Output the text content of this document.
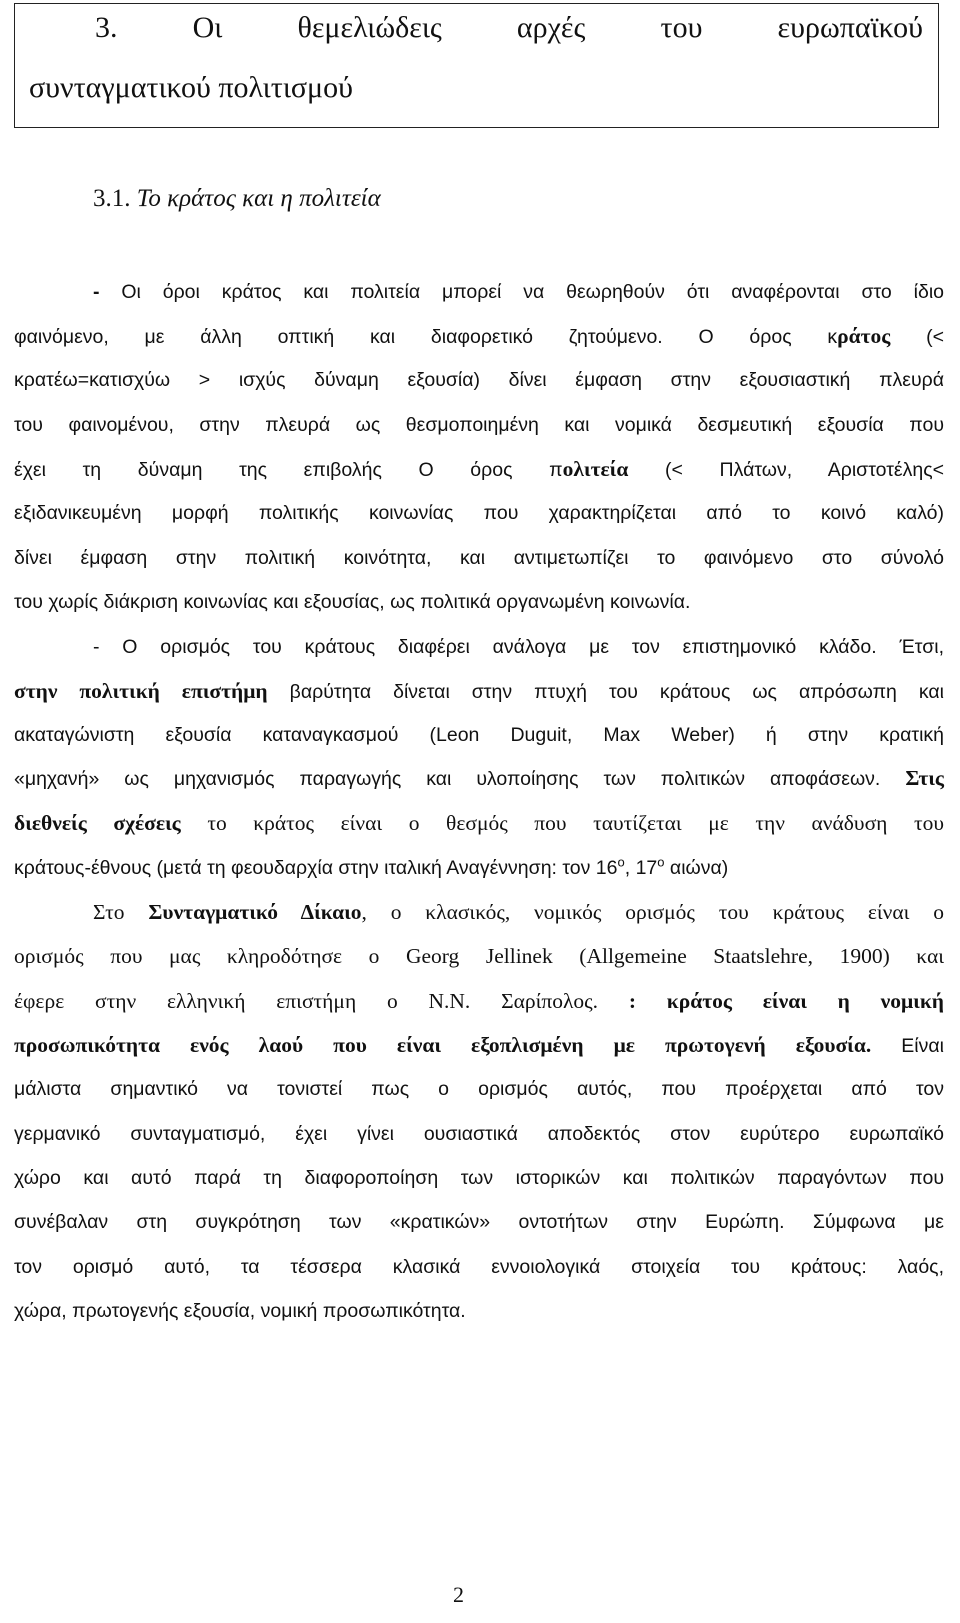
3.	Οι	θεμελιώδεις	αρχές	του	ευρωπαϊκού
συνταγματικού πολιτισμού
3.1. Το κράτος και η πολιτεία
- Οι όροι κράτος και πολιτεία μπορεί να θεωρηθούν ότι αναφέρονται στο ίδιο
φαινόμενο, με άλλη οπτική και διαφορετικό ζητούμενο. Ο όρος κράτος (<
κρατέω=κατισχύω > ισχύς δύναμη εξουσία) δίνει έμφαση στην εξουσιαστική πλευρά
του φαινομένου, στην πλευρά ως θεσμοποιημένη και νομικά δεσμευτική εξουσία που
έχει τη δύναμη της επιβολής Ο όρος πολιτεία (< Πλάτων, Αριστοτέλης<
εξιδανικευμένη μορφή πολιτικής κοινωνίας που χαρακτηρίζεται από το κοινό καλό)
δίνει έμφαση στην πολιτική κοινότητα, και αντιμετωπίζει το φαινόμενο στο σύνολό
του χωρίς διάκριση κοινωνίας και εξουσίας, ως πολιτικά οργανωμένη κοινωνία.
- Ο ορισμός του κράτους διαφέρει ανάλογα με τον επιστημονικό κλάδο. Έτσι,
στην πολιτική επιστήμη βαρύτητα δίνεται στην πτυχή του κράτους ως απρόσωπη και
ακαταγώνιστη εξουσία καταναγκασμού (Leon Duguit, Max Weber) ή στην κρατική
«μηχανή» ως μηχανισμός παραγωγής και υλοποίησης των πολιτικών αποφάσεων. Στις
διεθνείς σχέσεις το κράτος είναι ο θεσμός που ταυτίζεται με την ανάδυση του
κράτους-έθνους (μετά τη φεουδαρχία στην ιταλική Αναγέννηση: τον $16^o$, $17^o$ αιώνα)
Στο Συνταγματικό Δίκαιο, ο κλασικός, νομικός ορισμός του κράτους είναι ο
ορισμός που μας κληροδότησε ο Georg Jellinek (Allgemeine Staatslehre, 1900) και
έφερε στην ελληνική επιστήμη ο Ν.Ν. Σαρίπολος. : κράτος είναι η νομική
προσωπικότητα ενός λαού που είναι εξοπλισμένη με πρωτογενή εξουσία. Είναι
μάλιστα σημαντικό να τονιστεί πως ο ορισμός αυτός, που προέρχεται από τον
γερμανικό συνταγματισμό, έχει γίνει ουσιαστικά αποδεκτός στον ευρύτερο ευρωπαϊκό
χώρο και αυτό παρά τη διαφοροποίηση των ιστορικών και πολιτικών παραγόντων που
συνέβαλαν στη συγκρότηση των «κρατικών» οντοτήτων στην Ευρώπη. Σύμφωνα με
τον ορισμό αυτό, τα τέσσερα κλασικά εννοιολογικά στοιχεία του κράτους: λαός,
χώρα, πρωτογενής εξουσία, νομική προσωπικότητα.
2
